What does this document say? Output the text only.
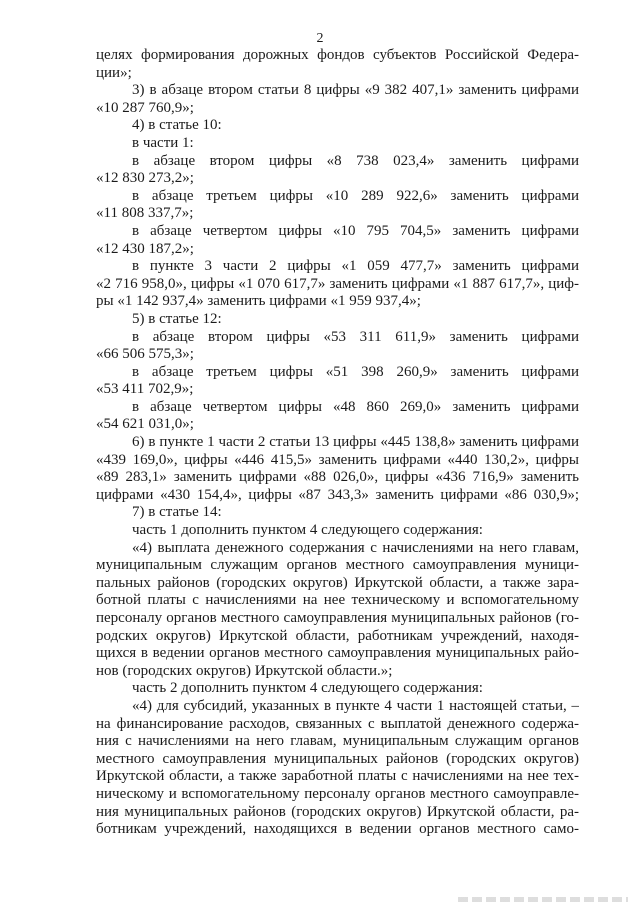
2
целях формирования дорожных фондов субъектов Российской Федера-
ции»;
3) в абзаце втором статьи 8 цифры «9 382 407,1» заменить цифрами
«10 287 760,9»;
4) в статье 10:
в части 1:
в абзаце втором цифры «8 738 023,4» заменить цифрами
«12 830 273,2»;
в абзаце третьем цифры «10 289 922,6» заменить цифрами
«11 808 337,7»;
в абзаце четвертом цифры «10 795 704,5» заменить цифрами
«12 430 187,2»;
в пункте 3 части 2 цифры «1 059 477,7» заменить цифрами
«2 716 958,0», цифры «1 070 617,7» заменить цифрами «1 887 617,7», циф-
ры «1 142 937,4» заменить цифрами «1 959 937,4»;
5) в статье 12:
в абзаце втором цифры «53 311 611,9» заменить цифрами
«66 506 575,3»;
в абзаце третьем цифры «51 398 260,9» заменить цифрами
«53 411 702,9»;
в абзаце четвертом цифры «48 860 269,0» заменить цифрами
«54 621 031,0»;
6) в пункте 1 части 2 статьи 13 цифры «445 138,8» заменить цифрами
«439 169,0», цифры «446 415,5» заменить цифрами «440 130,2», цифры
«89 283,1» заменить цифрами «88 026,0», цифры «436 716,9» заменить
цифрами «430 154,4», цифры «87 343,3» заменить цифрами «86 030,9»;
7) в статье 14:
часть 1 дополнить пунктом 4 следующего содержания:
«4) выплата денежного содержания с начислениями на него главам,
муниципальным служащим органов местного самоуправления муници-
пальных районов (городских округов) Иркутской области, а также зара-
ботной платы с начислениями на нее техническому и вспомогательному
персоналу органов местного самоуправления муниципальных районов (го-
родских округов) Иркутской области, работникам учреждений, находя-
щихся в ведении органов местного самоуправления муниципальных райо-
нов (городских округов) Иркутской области.»;
часть 2 дополнить пунктом 4 следующего содержания:
«4) для субсидий, указанных в пункте 4 части 1 настоящей статьи, –
на финансирование расходов, связанных с выплатой денежного содержа-
ния с начислениями на него главам, муниципальным служащим органов
местного самоуправления муниципальных районов (городских округов)
Иркутской области, а также заработной платы с начислениями на нее тех-
ническому и вспомогательному персоналу органов местного самоуправле-
ния муниципальных районов (городских округов) Иркутской области, ра-
ботникам учреждений, находящихся в ведении органов местного само-
